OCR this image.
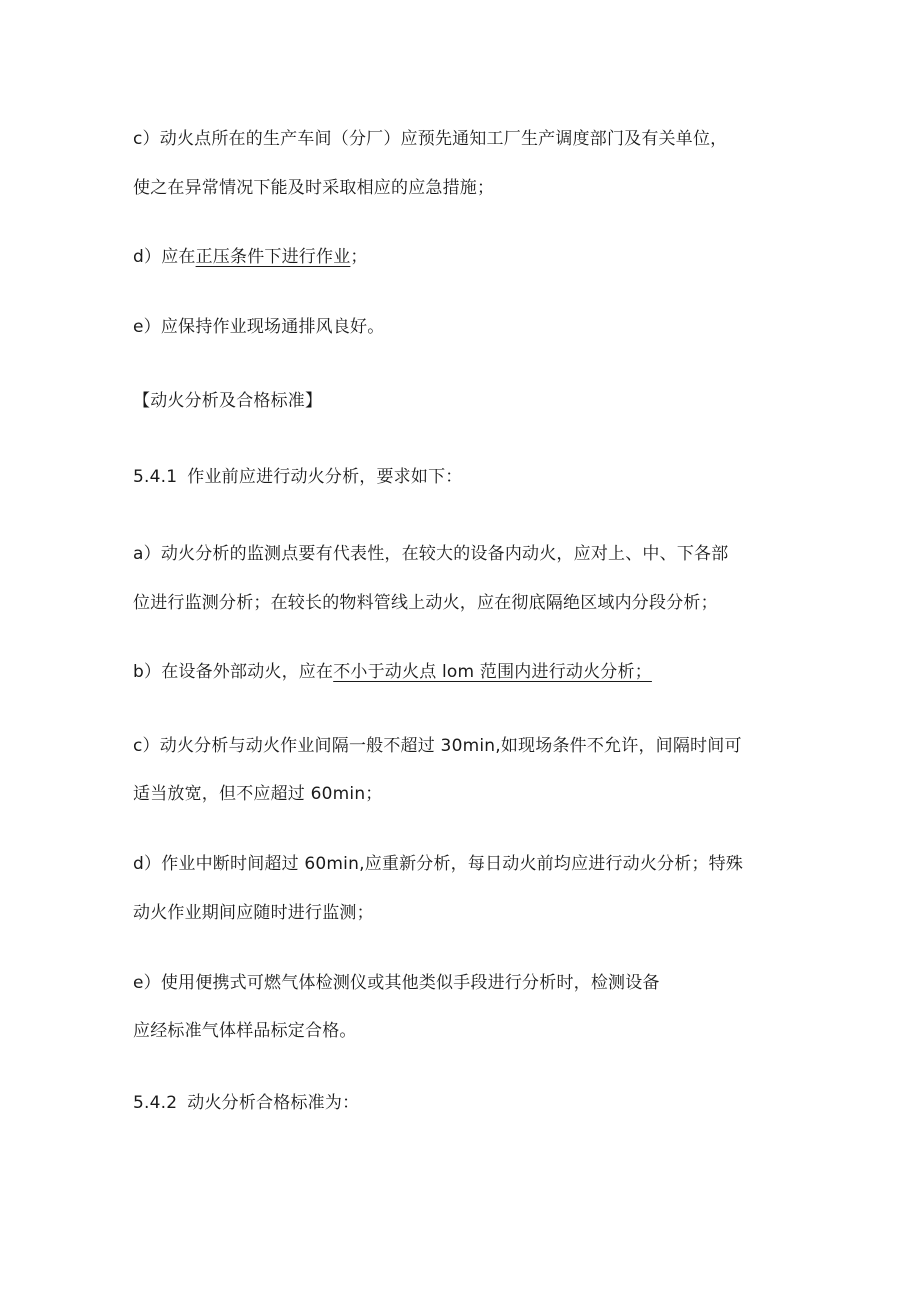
c）动火点所在的生产车间（分厂）应预先通知工厂生产调度部门及有关单位，
使之在异常情况下能及时采取相应的应急措施；
d）应在正压条件下进行作业；
e）应保持作业现场通排风良好。
【动火分析及合格标准】
5.4.1 作业前应进行动火分析，要求如下：
a）动火分析的监测点要有代表性，在较大的设备内动火，应对上、中、下各部
位进行监测分析；在较长的物料管线上动火，应在彻底隔绝区域内分段分析；
b）在设备外部动火，应在不小于动火点 lom 范围内进行动火分析；
c）动火分析与动火作业间隔一般不超过 30min,如现场条件不允许，间隔时间可
适当放宽，但不应超过 60min；
d）作业中断时间超过 60min,应重新分析，每日动火前均应进行动火分析；特殊
动火作业期间应随时进行监测；
e）使用便携式可燃气体检测仪或其他类似手段进行分析时，检测设备
应经标准气体样品标定合格。
5.4.2 动火分析合格标准为：
